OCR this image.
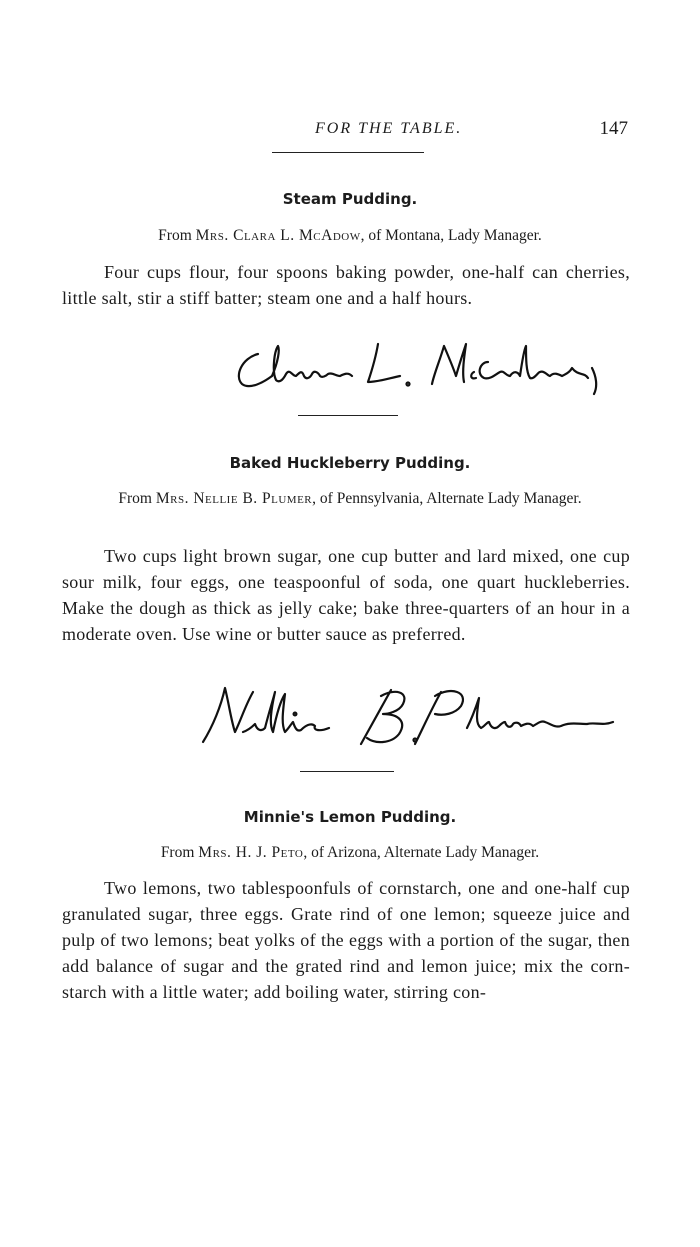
FOR THE TABLE.	147
Steam Pudding.
From Mrs. Clara L. McAdow, of Montana, Lady Manager.

Four cups flour, four spoons baking powder, one-half can cherries, little salt, stir a stiff batter; steam one and a half hours.

Baked Huckleberry Pudding.
From Mrs. Nellie B. Plumer, of Pennsylvania, Alternate Lady Manager.

Two cups light brown sugar, one cup butter and lard mixed, one cup sour milk, four eggs, one teaspoonful of soda, one quart huckleberries. Make the dough as thick as jelly cake; bake three-quarters of an hour in a moderate oven. Use wine or butter sauce as preferred.

Minnie's Lemon Pudding.
From Mrs. H. J. Peto, of Arizona, Alternate Lady Manager.

Two lemons, two tablespoonfuls of cornstarch, one and one-half cup granulated sugar, three eggs. Grate rind of one lemon; squeeze juice and pulp of two lemons; beat yolks of the eggs with a portion of the sugar, then add balance of sugar and the grated rind and lemon juice; mix the corn-starch with a little water; add boiling water, stirring con-
